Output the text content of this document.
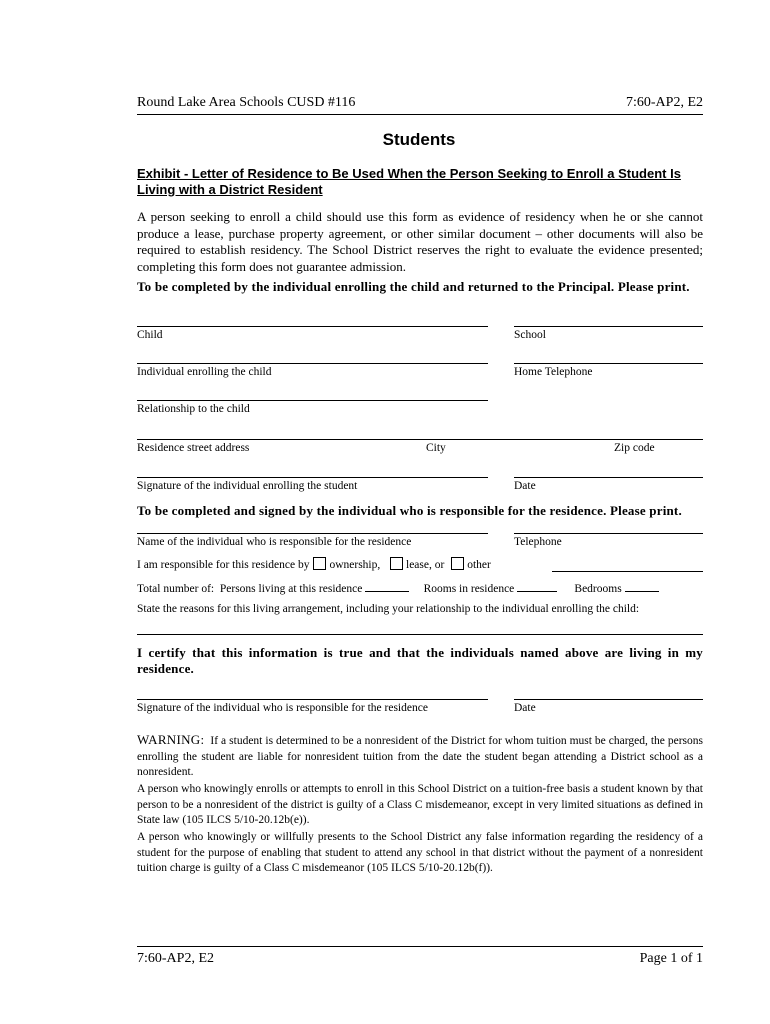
Round Lake Area Schools CUSD #116	7:60-AP2, E2
Students
Exhibit - Letter of Residence to Be Used When the Person Seeking to Enroll a Student Is Living with a District Resident
A person seeking to enroll a child should use this form as evidence of residency when he or she cannot produce a lease, purchase property agreement, or other similar document – other documents will also be required to establish residency. The School District reserves the right to evaluate the evidence presented; completing this form does not guarantee admission.
To be completed by the individual enrolling the child and returned to the Principal. Please print.
Child	School
Individual enrolling the child	Home Telephone
Relationship to the child
Residence street address	City	Zip code
Signature of the individual enrolling the student	Date
To be completed and signed by the individual who is responsible for the residence. Please print.
Name of the individual who is responsible for the residence	Telephone
I am responsible for this residence by ownership, lease, or other
Total number of: Persons living at this residence	Rooms in residence	Bedrooms
State the reasons for this living arrangement, including your relationship to the individual enrolling the child:
I certify that this information is true and that the individuals named above are living in my residence.
Signature of the individual who is responsible for the residence	Date
WARNING: If a student is determined to be a nonresident of the District for whom tuition must be charged, the persons enrolling the student are liable for nonresident tuition from the date the student began attending a District school as a nonresident.
A person who knowingly enrolls or attempts to enroll in this School District on a tuition-free basis a student known by that person to be a nonresident of the district is guilty of a Class C misdemeanor, except in very limited situations as defined in State law (105 ILCS 5/10-20.12b(e)).
A person who knowingly or willfully presents to the School District any false information regarding the residency of a student for the purpose of enabling that student to attend any school in that district without the payment of a nonresident tuition charge is guilty of a Class C misdemeanor (105 ILCS 5/10-20.12b(f)).
7:60-AP2, E2	Page 1 of 1
